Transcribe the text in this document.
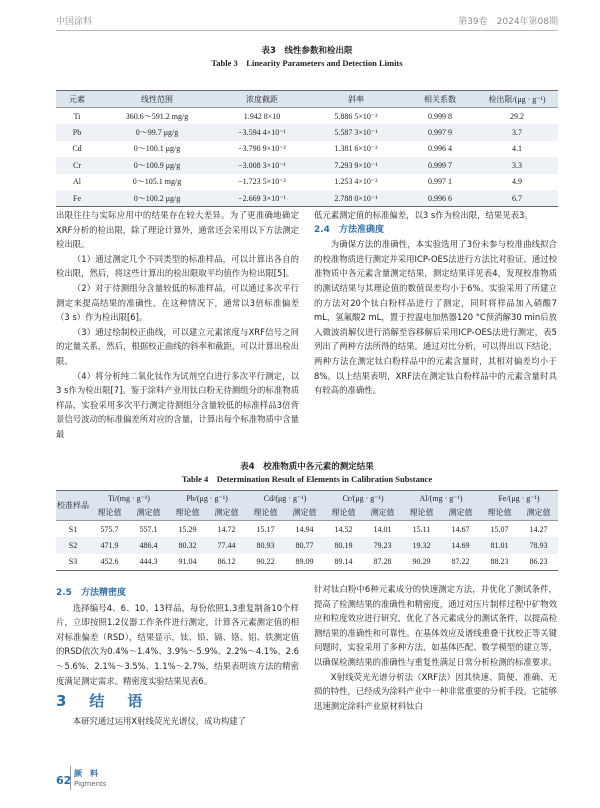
中国涂料	第39卷　2024年第08期
表3　线性参数和检出限
Table 3　Linearity Parameters and Detection Limits
元素	线性范围	浓度截距	斜率	相关系数	检出限/(μg · g⁻¹)
Ti	360.6～591.2 mg/g	1.942 8×10	5.886 5×10⁻²	0.999 8	29.2
Pb	0～99.7 μg/g	−3.594 4×10⁻¹	5.587 3×10⁻¹	0.997 9	3.7
Cd	0～100.1 μg/g	−3.790 9×10⁻²	1.381 6×10⁻²	0.996 4	4.1
Cr	0～100.9 μg/g	−3.008 3×10⁻¹	7.293 9×10⁻¹	0.999 7	3.3
Al	0～105.1 mg/g	−1.723 5×10⁻²	1.253 4×10⁻²	0.997 1	4.9
Fe	0～100.2 μg/g	−2.669 3×10⁻¹	2.788 0×10⁻¹	0.996 6	6.7

出限往往与实际应用中的结果存在较大差异。为了更准确地确定XRF分析的检出限，除了理论计算外，通常还会采用以下方法测定检出限。

（1）通过测定几个不同类型的标准样品，可以计算出各自的检出限，然后，将这些计算出的检出限取平均值作为检出限[5]。

（2）对于待测组分含量较低的标准样品，可以通过多次平行测定来提高结果的准确性，在这种情况下，通常以3倍标准偏差（3 s）作为检出限[6]。

（3）通过绘制校正曲线，可以建立元素浓度与XRF信号之间的定量关系，然后，根据校正曲线的斜率和截距，可以计算出检出限。

（4）将分析纯二氧化钛作为试剂空白进行多次平行测定，以3 s作为检出限[7]。鉴于涂料产业用钛白粉无待测组分的标准物质样品，实验采用多次平行测定待测组分含量较低的标准样品3倍背景信号波动的标准偏差所对应的含量，计算出每个标准物质中含量最

低元素测定值的标准偏差，以3 s作为检出限，结果见表3。

2.4　方法准确度

为确保方法的准确性，本实验选用了3份未参与校准曲线拟合的校准物质进行测定并采用ICP-OES法进行方法比对验证。通过校准物质中各元素含量测定结果，测定结果详见表4，发现校准物质的测试结果与其理论值的数值误差均小于6%。实验采用了所建立的方法对20个钛白粉样品进行了测定，同时将样品加入硝酸7 mL，氢氟酸2 mL，置于控温电加热器120 °C预消解30 min后放入微波消解仪进行消解至容移解后采用ICP-OES法进行测定，表5列出了两种方法所得的结果。通过对比分析，可以得出以下结论，两种方法在测定钛白粉样品中的元素含量时，其相对偏差均小于8%。以上结果表明，XRF法在测定钛白粉样品中的元素含量时具有较高的准确性。

表4　校准物质中各元素的测定结果
Table 4　Determination Result of Elements in Calibration Substance
校准样品	Ti/(mg · g⁻¹)		Pb/(μg · g⁻¹)		Cd/(μg · g⁻¹)		Cr/(μg · g⁻¹)		Al/(mg · g⁻¹)		Fe/(μg · g⁻¹)	
	理论值	测定值	理论值	测定值	理论值	测定值	理论值	测定值	理论值	测定值	理论值	测定值
S1	575.7	557.1	15.29	14.72	15.17	14.94	14.52	14.01	15.11	14.67	15.07	14.27
S2	471.9	486.4	80.32	77.44	80.93	80.77	80.19	79.23	19.32	14.69	81.01	78.93
S3	452.6	444.3	91.04	86.12	90.22	89.09	89.14	87.28	90.29	87.22	88.23	86.23
2.5　方法精密度

选择编号4、6、10、13样品，每份依照1.3重复制备10个样片，立即按照1.2仪器工作条件进行测定，计算各元素测定值的相对标准偏差（RSD），结果显示，钛、铅、镉、铬、铝、铁测定值的RSD依次为0.4%～1.4%、3.9%～5.9%、2.2%～4.1%、2.6～5.6%、2.1%～3.5%、1.1%～2.7%，结果表明该方法的精密度满足测定需求。精密度实验结果见表6。

3　结　语

本研究通过运用X射线荧光光谱仪，成功构建了

针对钛白粉中6种元素成分的快速测定方法，并优化了测试条件，提高了检测结果的准确性和精密度，通过对压片制样过程中矿物效应和粒度效应进行研究，优化了各元素成分的测试条件，以提高检测结果的准确性和可靠性。在基体效应及谱线重叠干扰校正等关键问题时，实验采用了多种方法，如基体匹配、数学模型的建立等，以确保检测结果的准确性与重复性满足日常分析检测的标准要求。

X射线荧光光谱分析法（XRF法）因其快速、简便、准确、无损的特性，已经成为涂料产业中一种非常重要的分析手段。它能够迅速测定涂料产业原材料钛白

62
颜　料
Pigments
